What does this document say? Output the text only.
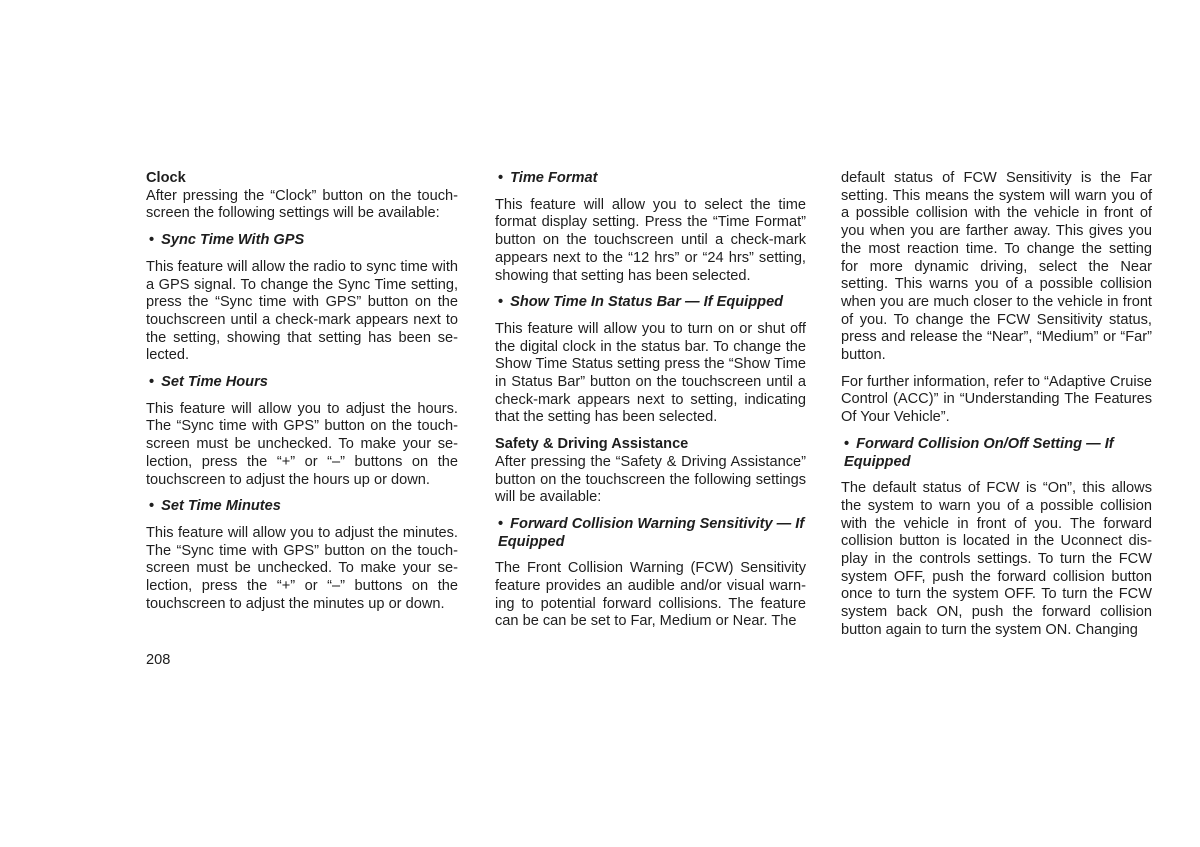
Clock

After pressing the “Clock” button on the touch-screen the following settings will be available:

• Sync Time With GPS

This feature will allow the radio to sync time with a GPS signal. To change the Sync Time setting, press the “Sync time with GPS” button on the touchscreen until a check-mark appears next to the setting, showing that setting has been se-lected.

• Set Time Hours

This feature will allow you to adjust the hours. The “Sync time with GPS” button on the touch-screen must be unchecked. To make your se-lection, press the “+” or “–” buttons on the touchscreen to adjust the hours up or down.

• Set Time Minutes

This feature will allow you to adjust the minutes. The “Sync time with GPS” button on the touch-screen must be unchecked. To make your se-lection, press the “+” or “–” buttons on the touchscreen to adjust the minutes up or down.

• Time Format

This feature will allow you to select the time format display setting. Press the “Time Format” button on the touchscreen until a check-mark appears next to the “12 hrs” or “24 hrs” setting, showing that setting has been selected.

• Show Time In Status Bar — If Equipped

This feature will allow you to turn on or shut off the digital clock in the status bar. To change the Show Time Status setting press the “Show Time in Status Bar” button on the touchscreen until a check-mark appears next to setting, indicating that the setting has been selected.

Safety & Driving Assistance

After pressing the “Safety & Driving Assistance” button on the touchscreen the following settings will be available:

• Forward Collision Warning Sensitivity — If Equipped

The Front Collision Warning (FCW) Sensitivity feature provides an audible and/or visual warn-ing to potential forward collisions. The feature can be can be set to Far, Medium or Near. The

default status of FCW Sensitivity is the Far setting. This means the system will warn you of a possible collision with the vehicle in front of you when you are farther away. This gives you the most reaction time. To change the setting for more dynamic driving, select the Near setting. This warns you of a possible collision when you are much closer to the vehicle in front of you. To change the FCW Sensitivity status, press and release the “Near”, “Medium” or “Far” button.

For further information, refer to “Adaptive Cruise Control (ACC)” in “Understanding The Features Of Your Vehicle”.

• Forward Collision On/Off Setting — If Equipped

The default status of FCW is “On”, this allows the system to warn you of a possible collision with the vehicle in front of you. The forward collision button is located in the Uconnect dis-play in the controls settings. To turn the FCW system OFF, push the forward collision button once to turn the system OFF. To turn the FCW system back ON, push the forward collision button again to turn the system ON. Changing

208
